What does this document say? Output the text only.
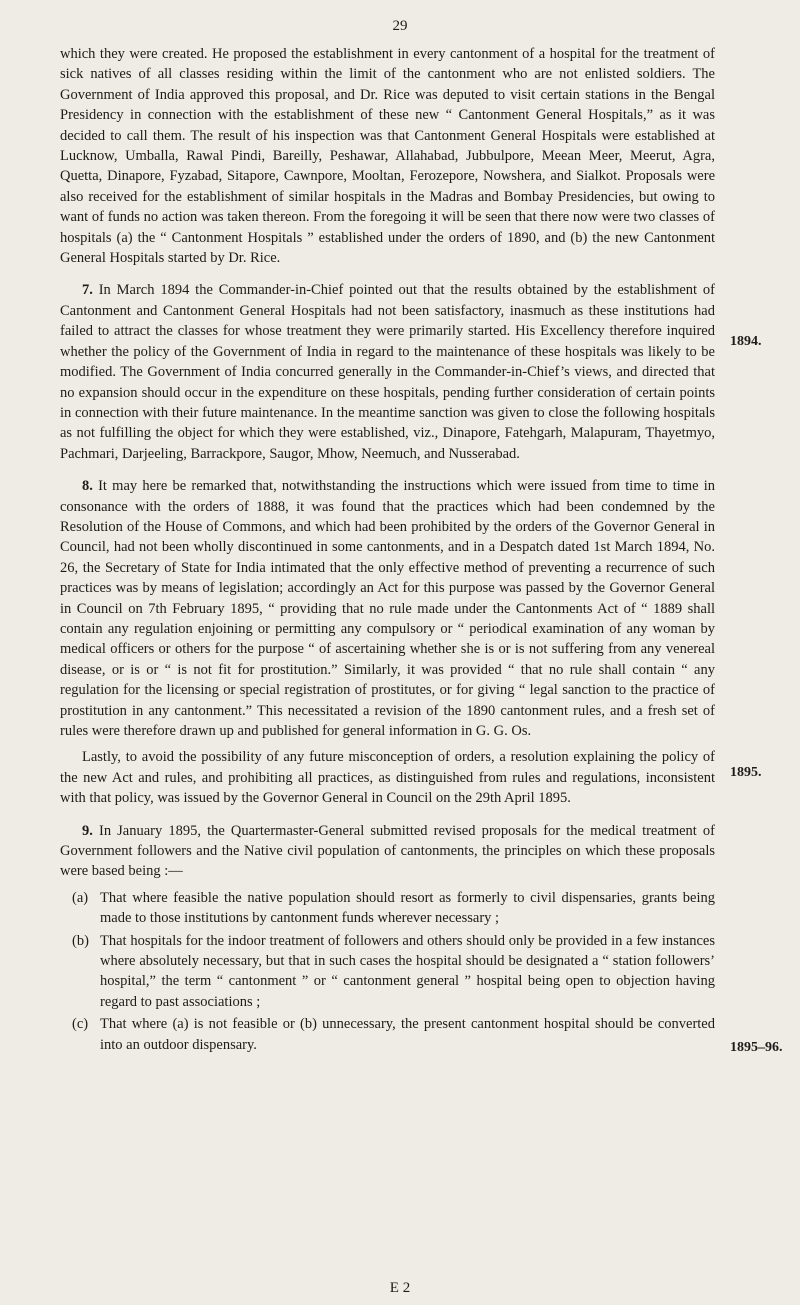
29

which they were created. He proposed the establishment in every cantonment of a hospital for the treatment of sick natives of all classes residing within the limit of the cantonment who are not enlisted soldiers. The Government of India approved this proposal, and Dr. Rice was deputed to visit certain stations in the Bengal Presidency in connection with the establishment of these new “ Cantonment General Hospitals,” as it was decided to call them. The result of his inspection was that Cantonment General Hospitals were established at Lucknow, Umballa, Rawal Pindi, Bareilly, Peshawar, Allahabad, Jubbulpore, Meean Meer, Meerut, Agra, Quetta, Dinapore, Fyzabad, Sitapore, Cawnpore, Mooltan, Ferozepore, Nowshera, and Sialkot. Proposals were also received for the establishment of similar hospitals in the Madras and Bombay Presidencies, but owing to want of funds no action was taken thereon. From the foregoing it will be seen that there now were two classes of hospitals (a) the “ Cantonment Hospitals ” established under the orders of 1890, and (b) the new Cantonment General Hospitals started by Dr. Rice.

7. In March 1894 the Commander-in-Chief pointed out that the results obtained by the establishment of Cantonment and Cantonment General Hospitals had not been satisfactory, inasmuch as these institutions had failed to attract the classes for whose treatment they were primarily started. His Excellency therefore inquired whether the policy of the Government of India in regard to the maintenance of these hospitals was likely to be modified. The Government of India concurred generally in the Commander-in-Chief’s views, and directed that no expansion should occur in the expenditure on these hospitals, pending further consideration of certain points in connection with their future maintenance. In the meantime sanction was given to close the following hospitals as not fulfilling the object for which they were established, viz., Dinapore, Fatehgarh, Malapuram, Thayetmyo, Pachmari, Darjeeling, Barrackpore, Saugor, Mhow, Neemuch, and Nusserabad.

8. It may here be remarked that, notwithstanding the instructions which were issued from time to time in consonance with the orders of 1888, it was found that the practices which had been condemned by the Resolution of the House of Commons, and which had been prohibited by the orders of the Governor General in Council, had not been wholly discontinued in some cantonments, and in a Despatch dated 1st March 1894, No. 26, the Secretary of State for India intimated that the only effective method of preventing a recurrence of such practices was by means of legislation; accordingly an Act for this purpose was passed by the Governor General in Council on 7th February 1895, “ providing that no rule made under the Cantonments Act of “ 1889 shall contain any regulation enjoining or permitting any compulsory or “ periodical examination of any woman by medical officers or others for the purpose “ of ascertaining whether she is or is not suffering from any venereal disease, or is or “ is not fit for prostitution.” Similarly, it was provided “ that no rule shall contain “ any regulation for the licensing or special registration of prostitutes, or for giving “ legal sanction to the practice of prostitution in any cantonment.” This necessitated a revision of the 1890 cantonment rules, and a fresh set of rules were therefore drawn up and published for general information in G. G. Os.

Lastly, to avoid the possibility of any future misconception of orders, a resolution explaining the policy of the new Act and rules, and prohibiting all practices, as distinguished from rules and regulations, inconsistent with that policy, was issued by the Governor General in Council on the 29th April 1895.

9. In January 1895, the Quartermaster-General submitted revised proposals for the medical treatment of Government followers and the Native civil population of cantonments, the principles on which these proposals were based being :—

(a) That where feasible the native population should resort as formerly to civil dispensaries, grants being made to those institutions by cantonment funds wherever necessary ;
(b) That hospitals for the indoor treatment of followers and others should only be provided in a few instances where absolutely necessary, but that in such cases the hospital should be designated a “ station followers’ hospital,” the term “ cantonment ” or “ cantonment general ” hospital being open to objection having regard to past associations ;
(c) That where (a) is not feasible or (b) unnecessary, the present cantonment hospital should be converted into an outdoor dispensary.
1894.
1895.
1895–96.
E 2
